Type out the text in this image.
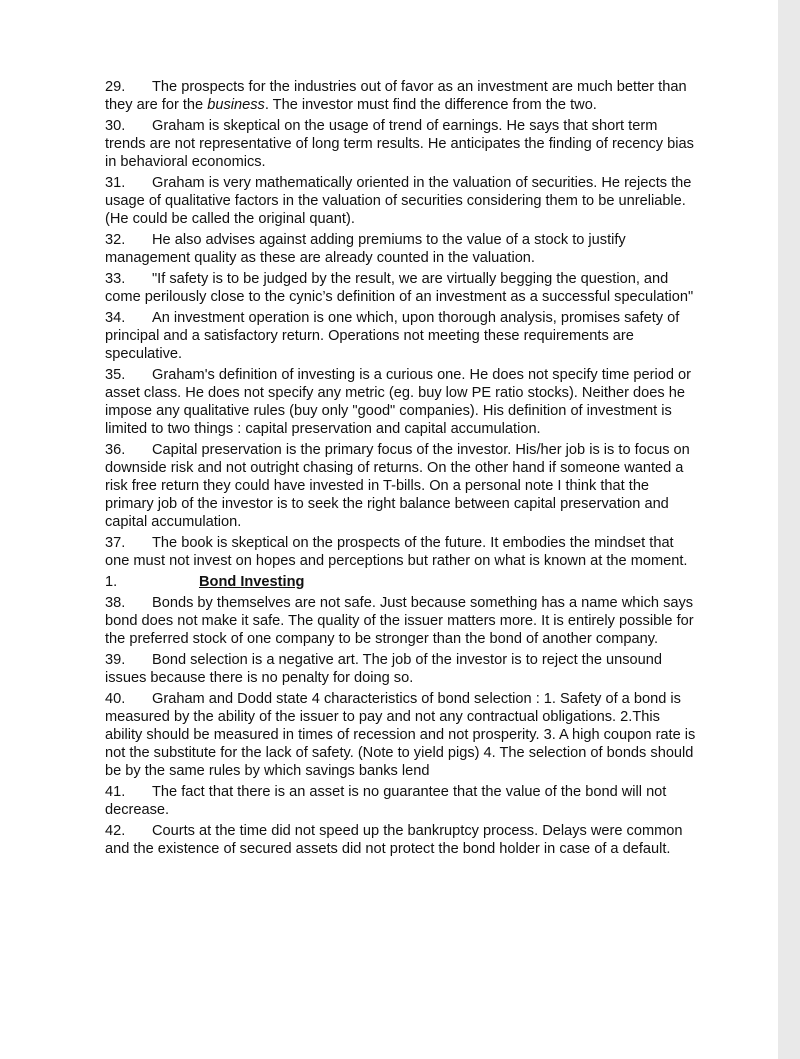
29. The prospects for the industries out of favor as an investment are much better than they are for the business. The investor must find the difference from the two.
30. Graham is skeptical on the usage of trend of earnings. He says that short term trends are not representative of long term results. He anticipates the finding of recency bias in behavioral economics.
31. Graham is very mathematically oriented in the valuation of securities. He rejects the usage of qualitative factors in the valuation of securities considering them to be unreliable. (He could be called the original quant).
32. He also advises against adding premiums to the value of a stock to justify management quality as these are already counted in the valuation.
33. "If safety is to be judged by the result, we are virtually begging the question, and come perilously close to the cynic’s definition of an investment as a successful speculation"
34. An investment operation is one which, upon thorough analysis, promises safety of principal and a satisfactory return. Operations not meeting these requirements are speculative.
35. Graham's definition of investing is a curious one. He does not specify time period or asset class. He does not specify any metric (eg. buy low PE ratio stocks). Neither does he impose any qualitative rules (buy only "good" companies). His definition of investment is limited to two things : capital preservation and capital accumulation.
36. Capital preservation is the primary focus of the investor. His/her job is is to focus on downside risk and not outright chasing of returns. On the other hand if someone wanted a risk free return they could have invested in T-bills. On a personal note I think that the primary job of the investor is to seek the right balance between capital preservation and capital accumulation.
37. The book is skeptical on the prospects of the future. It embodies the mindset that one must not invest on hopes and perceptions but rather on what is known at the moment.
1.	Bond Investing
38. Bonds by themselves are not safe. Just because something has a name which says bond does not make it safe. The quality of the issuer matters more. It is entirely possible for the preferred stock of one company to be stronger than the bond of another company.
39. Bond selection is a negative art. The job of the investor is to reject the unsound issues because there is no penalty for doing so.
40. Graham and Dodd state 4 characteristics of bond selection : 1. Safety of a bond is measured by the ability of the issuer to pay and not any contractual obligations. 2.This ability should be measured in times of recession and not prosperity. 3. A high coupon rate is not the substitute for the lack of safety. (Note to yield pigs) 4. The selection of bonds should be by the same rules by which savings banks lend
41. The fact that there is an asset is no guarantee that the value of the bond will not decrease.
42. Courts at the time did not speed up the bankruptcy process. Delays were common and the existence of secured assets did not protect the bond holder in case of a default.
